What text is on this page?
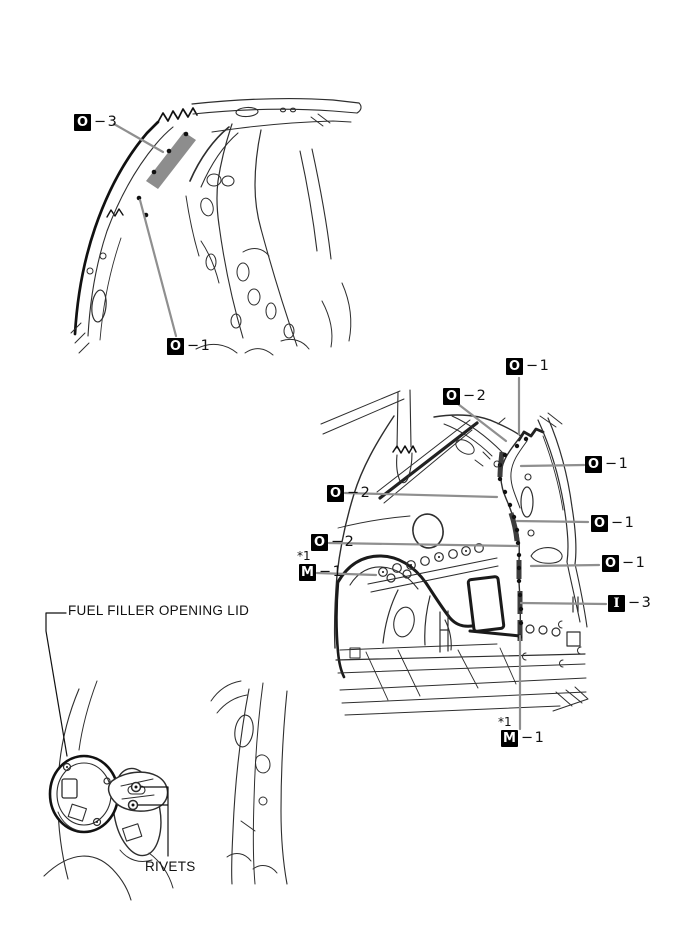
O −3
O −1
O −1
O −2
O −1
O −2
O −1
O −2
*1
M −1
O −1
I −3
*1
M −1
FUEL FILLER OPENING LID
RIVETS
